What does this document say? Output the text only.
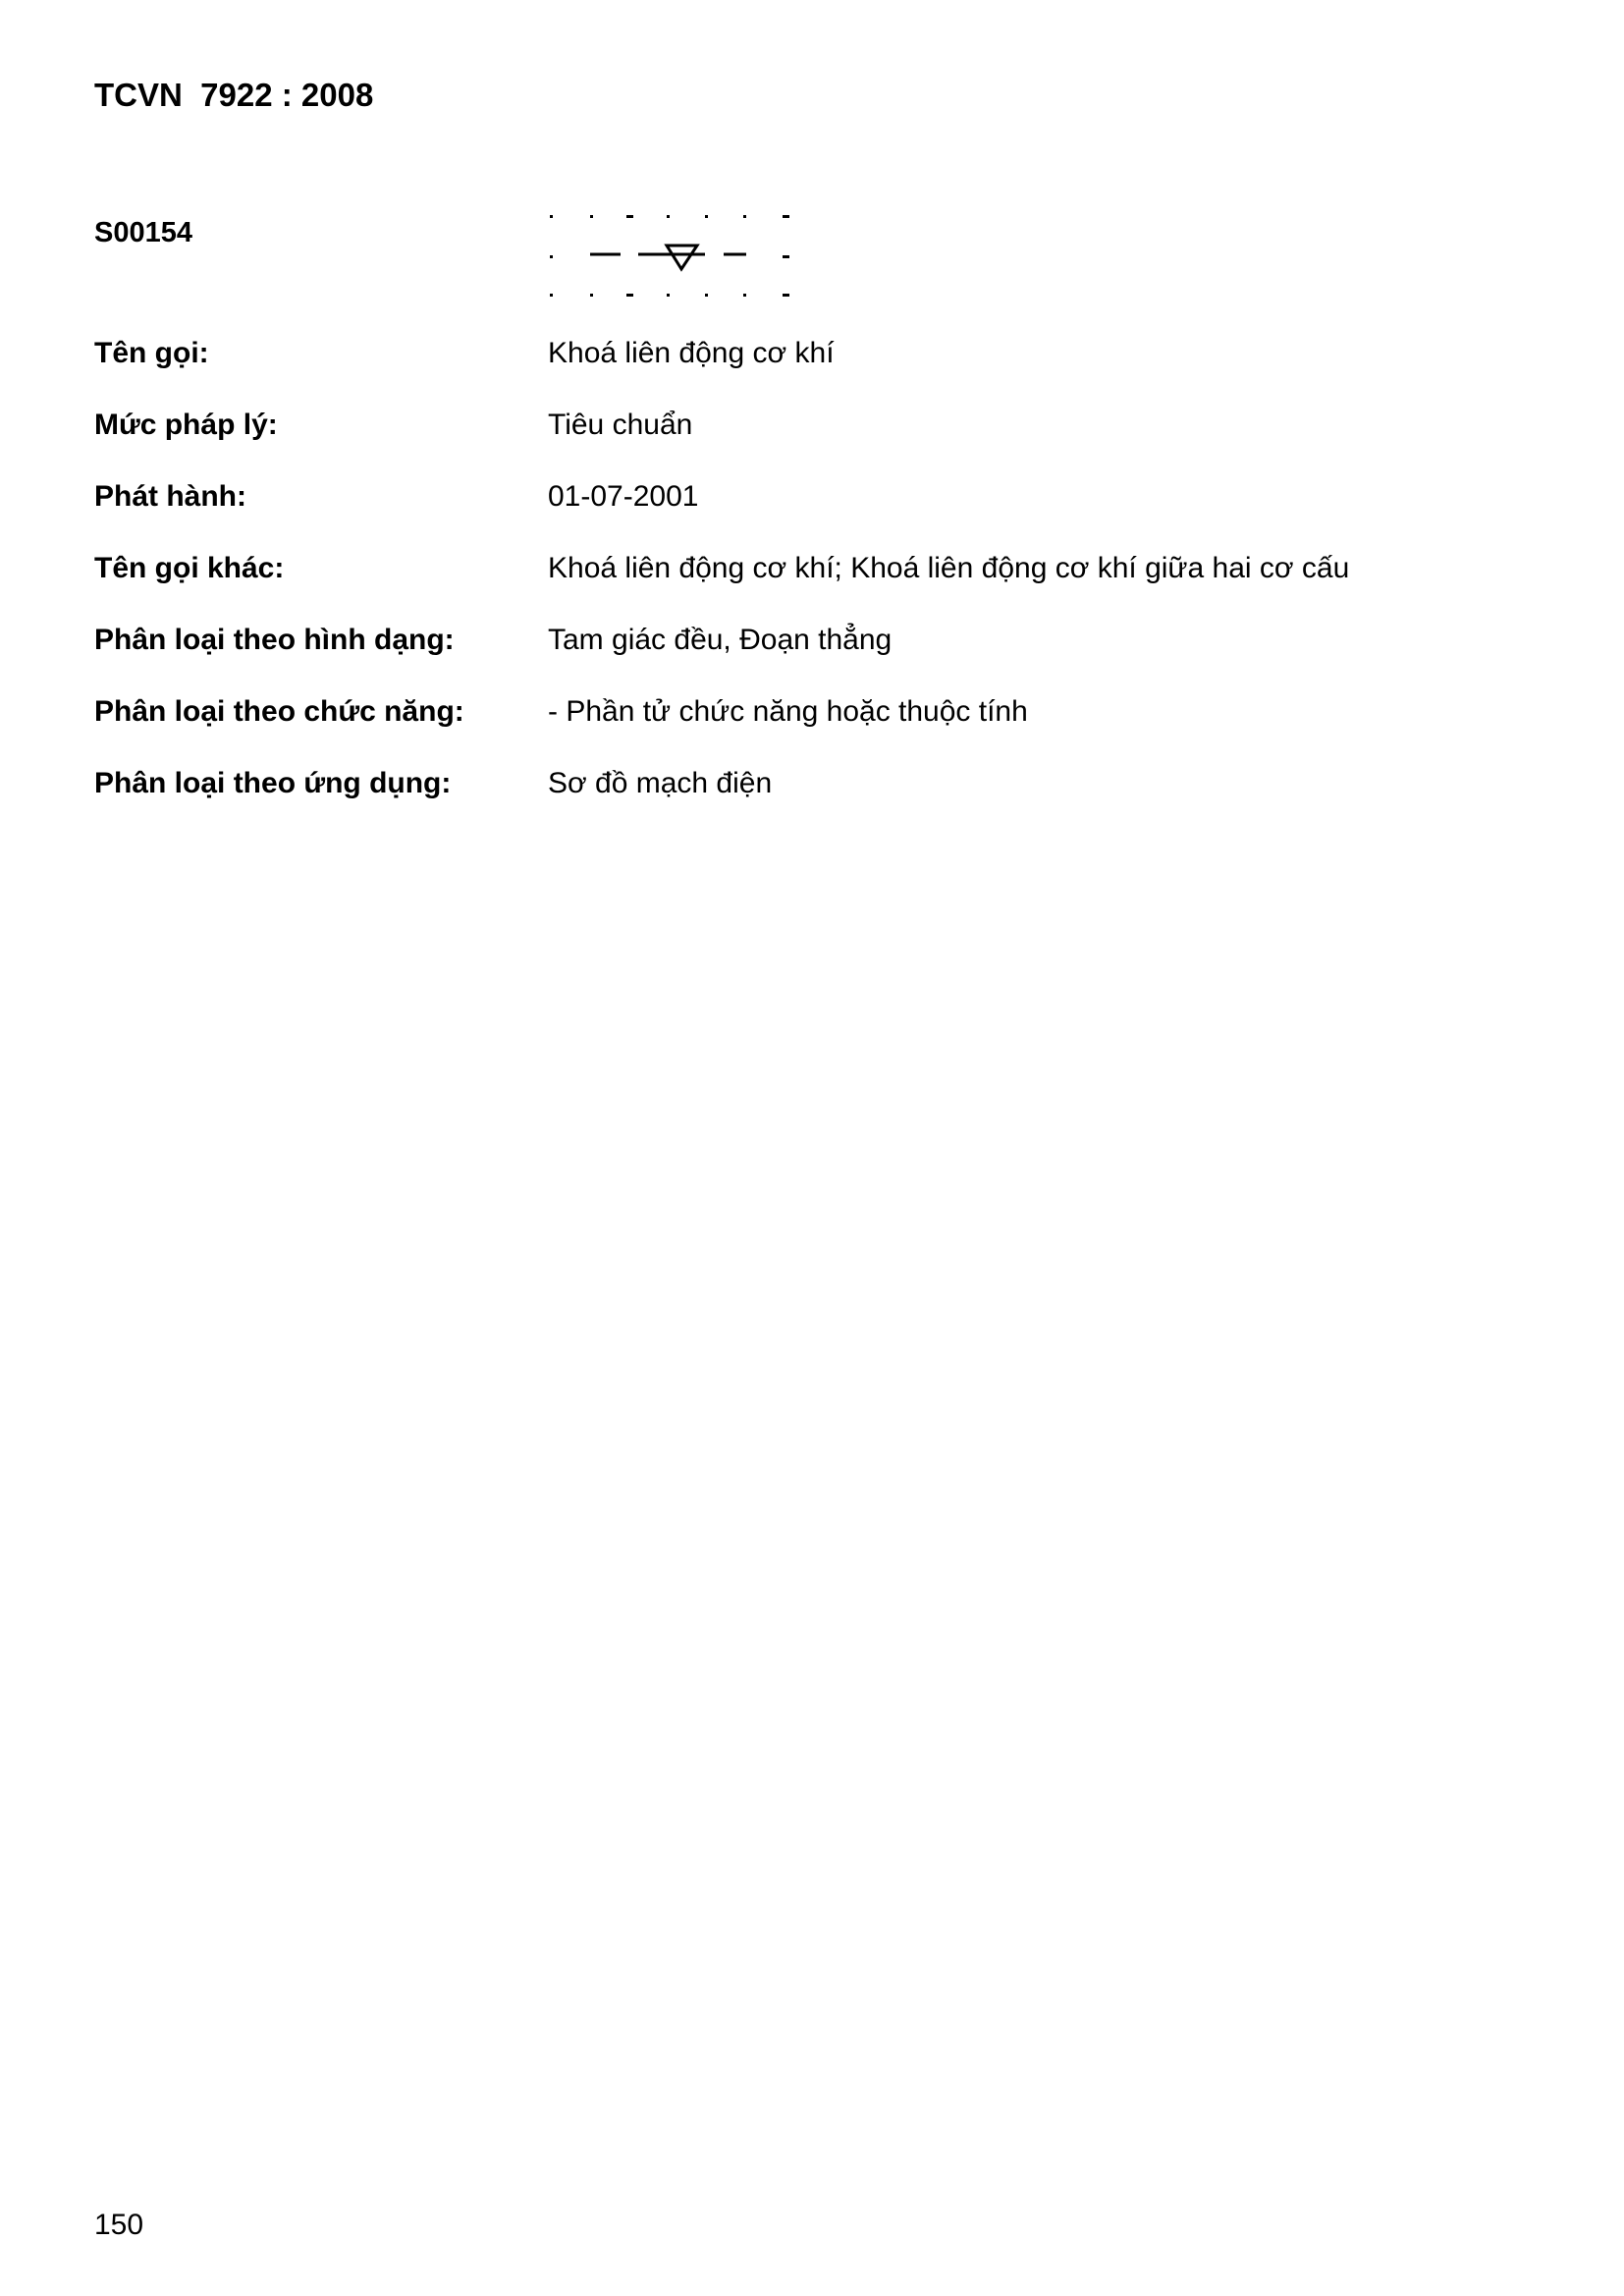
TCVN  7922 : 2008
S00154
Tên gọi:	Khoá liên động cơ khí
Mức pháp lý:	Tiêu chuẩn
Phát hành:	01-07-2001
Tên gọi khác:	Khoá liên động cơ khí; Khoá liên động cơ khí giữa hai cơ cấu
Phân loại theo hình dạng:	Tam giác đều, Đoạn thẳng
Phân loại theo chức năng:	- Phần tử chức năng hoặc thuộc tính
Phân loại theo ứng dụng:	Sơ đồ mạch điện
150
